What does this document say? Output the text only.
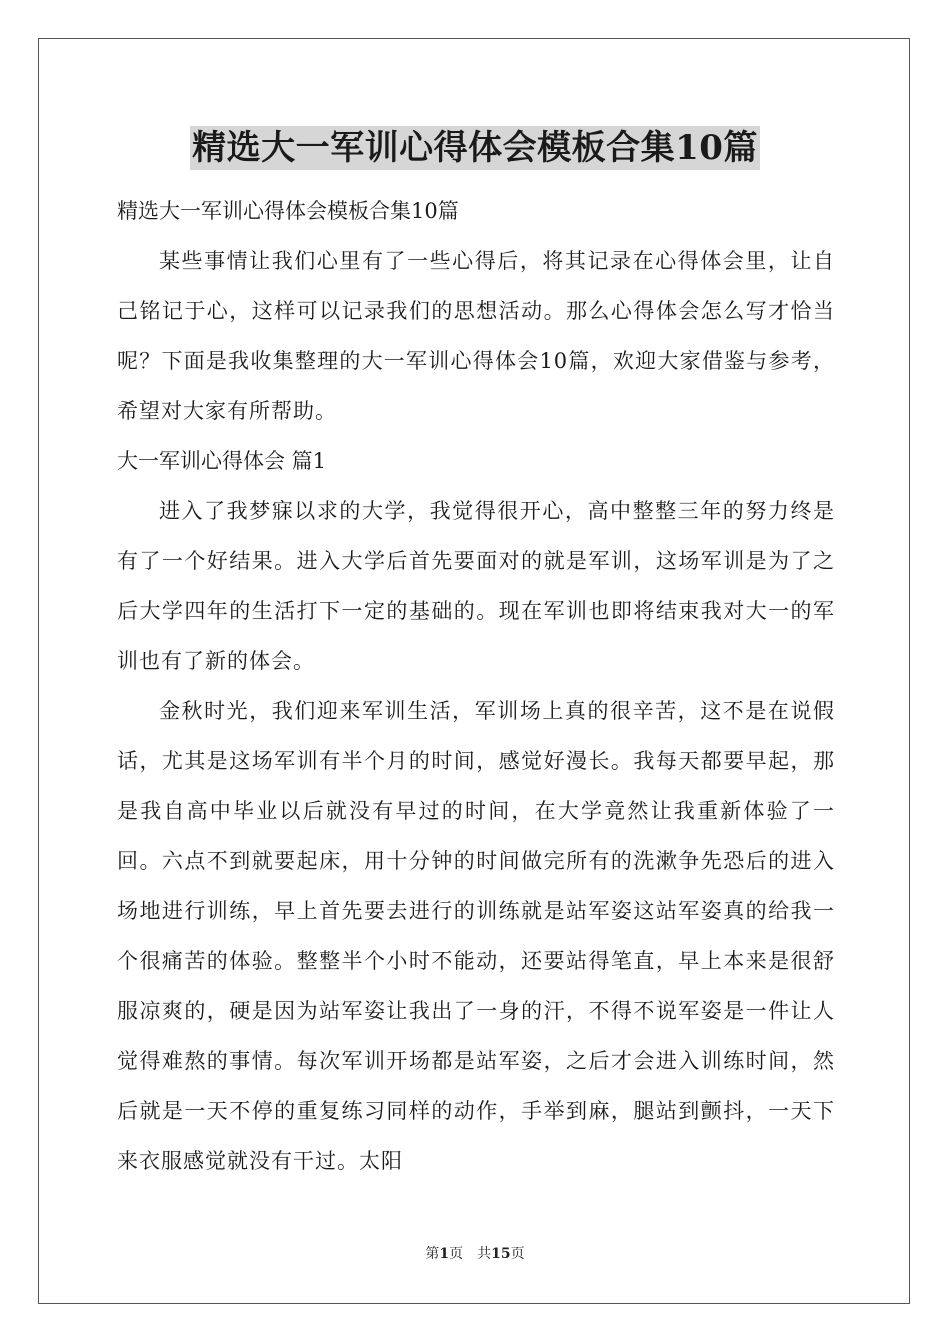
精选大一军训心得体会模板合集10篇

精选大一军训心得体会模板合集10篇

某些事情让我们心里有了一些心得后，将其记录在心得体会里，让自己铭记于心，这样可以记录我们的思想活动。那么心得体会怎么写才恰当呢？下面是我收集整理的大一军训心得体会10篇，欢迎大家借鉴与参考，希望对大家有所帮助。

大一军训心得体会 篇1

进入了我梦寐以求的大学，我觉得很开心，高中整整三年的努力终是有了一个好结果。进入大学后首先要面对的就是军训，这场军训是为了之后大学四年的生活打下一定的基础的。现在军训也即将结束我对大一的军训也有了新的体会。

金秋时光，我们迎来军训生活，军训场上真的很辛苦，这不是在说假话，尤其是这场军训有半个月的时间，感觉好漫长。我每天都要早起，那是我自高中毕业以后就没有早过的时间，在大学竟然让我重新体验了一回。六点不到就要起床，用十分钟的时间做完所有的洗漱争先恐后的进入场地进行训练，早上首先要去进行的训练就是站军姿这站军姿真的给我一个很痛苦的体验。整整半个小时不能动，还要站得笔直，早上本来是很舒服凉爽的，硬是因为站军姿让我出了一身的汗，不得不说军姿是一件让人觉得难熬的事情。每次军训开场都是站军姿，之后才会进入训练时间，然后就是一天不停的重复练习同样的动作，手举到麻，腿站到颤抖，一天下来衣服感觉就没有干过。太阳

第1页　共15页
